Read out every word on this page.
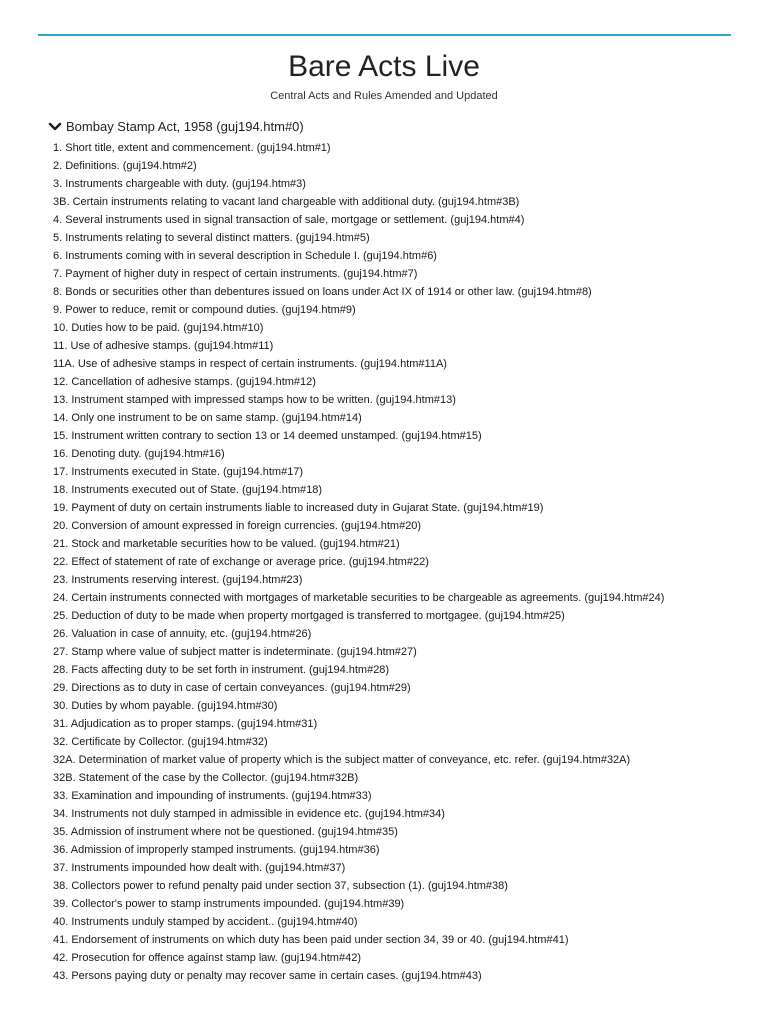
Bare Acts Live
Central Acts and Rules Amended and Updated
Bombay Stamp Act, 1958 (guj194.htm#0)
1. Short title, extent and commencement. (guj194.htm#1)
2. Definitions. (guj194.htm#2)
3. Instruments chargeable with duty. (guj194.htm#3)
3B. Certain instruments relating to vacant land chargeable with additional duty. (guj194.htm#3B)
4. Several instruments used in signal transaction of sale, mortgage or settlement. (guj194.htm#4)
5. Instruments relating to several distinct matters. (guj194.htm#5)
6. Instruments coming with in several description in Schedule I. (guj194.htm#6)
7. Payment of higher duty in respect of certain instruments. (guj194.htm#7)
8. Bonds or securities other than debentures issued on loans under Act IX of 1914 or other law. (guj194.htm#8)
9. Power to reduce, remit or compound duties. (guj194.htm#9)
10. Duties how to be paid. (guj194.htm#10)
11. Use of adhesive stamps. (guj194.htm#11)
11A. Use of adhesive stamps in respect of certain instruments. (guj194.htm#11A)
12. Cancellation of adhesive stamps. (guj194.htm#12)
13. Instrument stamped with impressed stamps how to be written. (guj194.htm#13)
14. Only one instrument to be on same stamp. (guj194.htm#14)
15. Instrument written contrary to section 13 or 14 deemed unstamped. (guj194.htm#15)
16. Denoting duty. (guj194.htm#16)
17. Instruments executed in State. (guj194.htm#17)
18. Instruments executed out of State. (guj194.htm#18)
19. Payment of duty on certain instruments liable to increased duty in Gujarat State. (guj194.htm#19)
20. Conversion of amount expressed in foreign currencies. (guj194.htm#20)
21. Stock and marketable securities how to be valued. (guj194.htm#21)
22. Effect of statement of rate of exchange or average price. (guj194.htm#22)
23. Instruments reserving interest. (guj194.htm#23)
24. Certain instruments connected with mortgages of marketable securities to be chargeable as agreements. (guj194.htm#24)
25. Deduction of duty to be made when property mortgaged is transferred to mortgagee. (guj194.htm#25)
26. Valuation in case of annuity, etc. (guj194.htm#26)
27. Stamp where value of subject matter is indeterminate. (guj194.htm#27)
28. Facts affecting duty to be set forth in instrument. (guj194.htm#28)
29. Directions as to duty in case of certain conveyances. (guj194.htm#29)
30. Duties by whom payable. (guj194.htm#30)
31. Adjudication as to proper stamps. (guj194.htm#31)
32. Certificate by Collector. (guj194.htm#32)
32A. Determination of market value of property which is the subject matter of conveyance, etc. refer. (guj194.htm#32A)
32B. Statement of the case by the Collector. (guj194.htm#32B)
33. Examination and impounding of instruments. (guj194.htm#33)
34. Instruments not duly stamped in admissible in evidence etc. (guj194.htm#34)
35. Admission of instrument where not be questioned. (guj194.htm#35)
36. Admission of improperly stamped instruments. (guj194.htm#36)
37. Instruments impounded how dealt with. (guj194.htm#37)
38. Collectors power to refund penalty paid under section 37, subsection (1). (guj194.htm#38)
39. Collector's power to stamp instruments impounded. (guj194.htm#39)
40. Instruments unduly stamped by accident.. (guj194.htm#40)
41. Endorsement of instruments on which duty has been paid under section 34, 39 or 40. (guj194.htm#41)
42. Prosecution for offence against stamp law. (guj194.htm#42)
43. Persons paying duty or penalty may recover same in certain cases. (guj194.htm#43)
